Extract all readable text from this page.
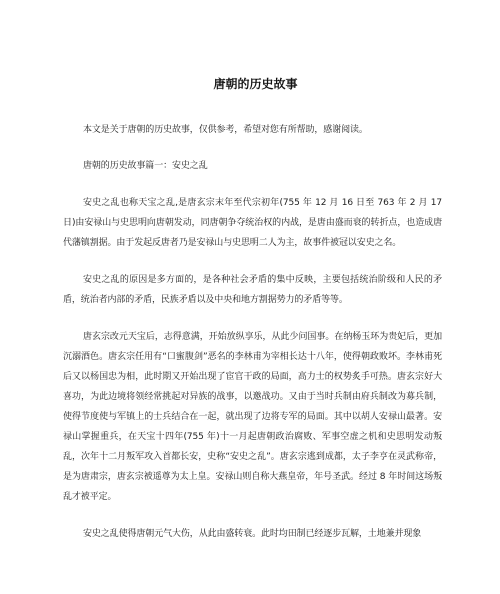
唐朝的历史故事

本文是关于唐朝的历史故事，仅供参考，希望对您有所帮助，感谢阅读。

唐朝的历史故事篇一：安史之乱

安史之乱也称天宝之乱,是唐玄宗末年至代宗初年(755 年 12 月 16 日至 763 年 2 月 17 日)由安禄山与史思明向唐朝发动，同唐朝争夺统治权的内战，是唐由盛而衰的转折点，也造成唐代藩镇割据。由于发起反唐者乃是安禄山与史思明二人为主，故事件被冠以安史之名。

安史之乱的原因是多方面的，是各种社会矛盾的集中反映，主要包括统治阶级和人民的矛盾，统治者内部的矛盾，民族矛盾以及中央和地方割据势力的矛盾等等。

唐玄宗改元天宝后，志得意满，开始放纵享乐，从此少问国事。在纳杨玉环为贵妃后，更加沉溺酒色。唐玄宗任用有“口蜜腹剑”恶名的李林甫为宰相长达十八年，使得朝政败坏。李林甫死后又以杨国忠为相，此时期又开始出现了宦官干政的局面，高力士的权势炙手可热。唐玄宗好大喜功，为此边境将领经常挑起对异族的战事，以邀战功。又由于当时兵制由府兵制改为募兵制，使得节度使与军镇上的士兵结合在一起，就出现了边将专军的局面。其中以胡人安禄山最著。安禄山掌握重兵，在天宝十四年(755 年)十一月起唐朝政治腐败、军事空虚之机和史思明发动叛乱，次年十二月叛军攻入首都长安，史称“安史之乱”。唐玄宗逃到成都，太子李亨在灵武称帝，是为唐肃宗，唐玄宗被遥尊为太上皇。安禄山则自称大燕皇帝，年号圣武。经过 8 年时间这场叛乱才被平定。

安史之乱使得唐朝元气大伤，从此由盛转衰。此时均田制已经逐步瓦解，土地兼并现象
